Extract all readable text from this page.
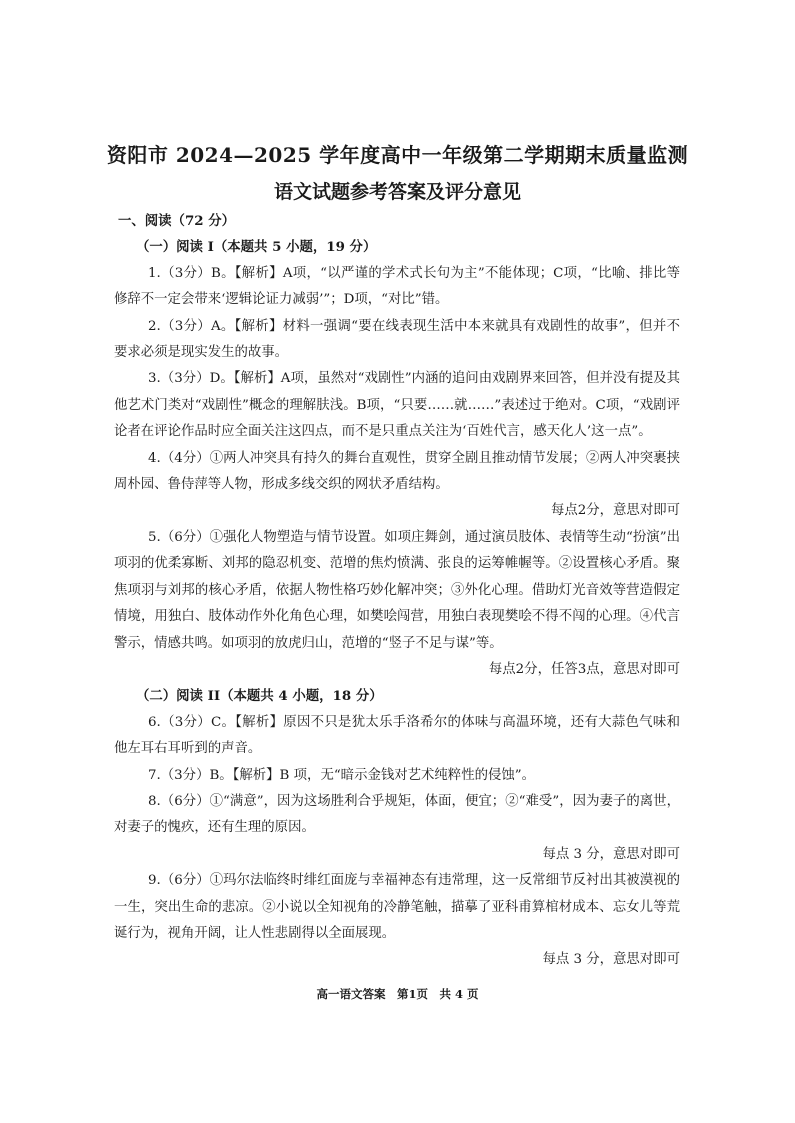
资阳市 2024—2025 学年度高中一年级第二学期期末质量监测
语文试题参考答案及评分意见

一、阅读（72 分）

（一）阅读 I（本题共 5 小题，19 分）

1.（3分）B。【解析】A项，“以严谨的学术式长句为主”不能体现；C项，“比喻、排比等修辞不一定会带来‘逻辑论证力减弱’”；D项，“对比”错。

2.（3分）A。【解析】材料一强调“要在线表现生活中本来就具有戏剧性的故事”，但并不要求必须是现实发生的故事。

3.（3分）D。【解析】A项，虽然对“戏剧性”内涵的追问由戏剧界来回答，但并没有提及其他艺术门类对“戏剧性”概念的理解肤浅。B项，“只要……就……”表述过于绝对。C项，“戏剧评论者在评论作品时应全面关注这四点，而不是只重点关注为‘百姓代言，感天化人’这一点”。

4.（4分）①两人冲突具有持久的舞台直观性，贯穿全剧且推动情节发展；②两人冲突裹挟周朴园、鲁侍萍等人物，形成多线交织的网状矛盾结构。

每点2分，意思对即可

5.（6分）①强化人物塑造与情节设置。如项庄舞剑，通过演员肢体、表情等生动“扮演”出项羽的优柔寡断、刘邦的隐忍机变、范增的焦灼愤满、张良的运筹帷幄等。②设置核心矛盾。聚焦项羽与刘邦的核心矛盾，依据人物性格巧妙化解冲突；③外化心理。借助灯光音效等营造假定情境，用独白、肢体动作外化角色心理，如樊哙闯营，用独白表现樊哙不得不闯的心理。④代言警示，情感共鸣。如项羽的放虎归山，范增的“竖子不足与谋”等。

每点2分，任答3点，意思对即可

（二）阅读 II（本题共 4 小题，18 分）

6.（3分）C。【解析】原因不只是犹太乐手洛希尔的体味与高温环境，还有大蒜色气味和他左耳右耳听到的声音。

7.（3分）B。【解析】B 项，无“暗示金钱对艺术纯粹性的侵蚀”。

8.（6分）①“满意”，因为这场胜利合乎规矩，体面，便宜；②“难受”，因为妻子的离世，对妻子的愧疚，还有生理的原因。

每点 3 分，意思对即可

9.（6分）①玛尔法临终时绯红面庞与幸福神态有违常理，这一反常细节反衬出其被漠视的一生，突出生命的悲凉。②小说以全知视角的冷静笔触，描摹了亚科甫算棺材成本、忘女儿等荒诞行为，视角开阔，让人性悲剧得以全面展现。

每点 3 分，意思对即可

高一语文答案　第1页　共 4 页
